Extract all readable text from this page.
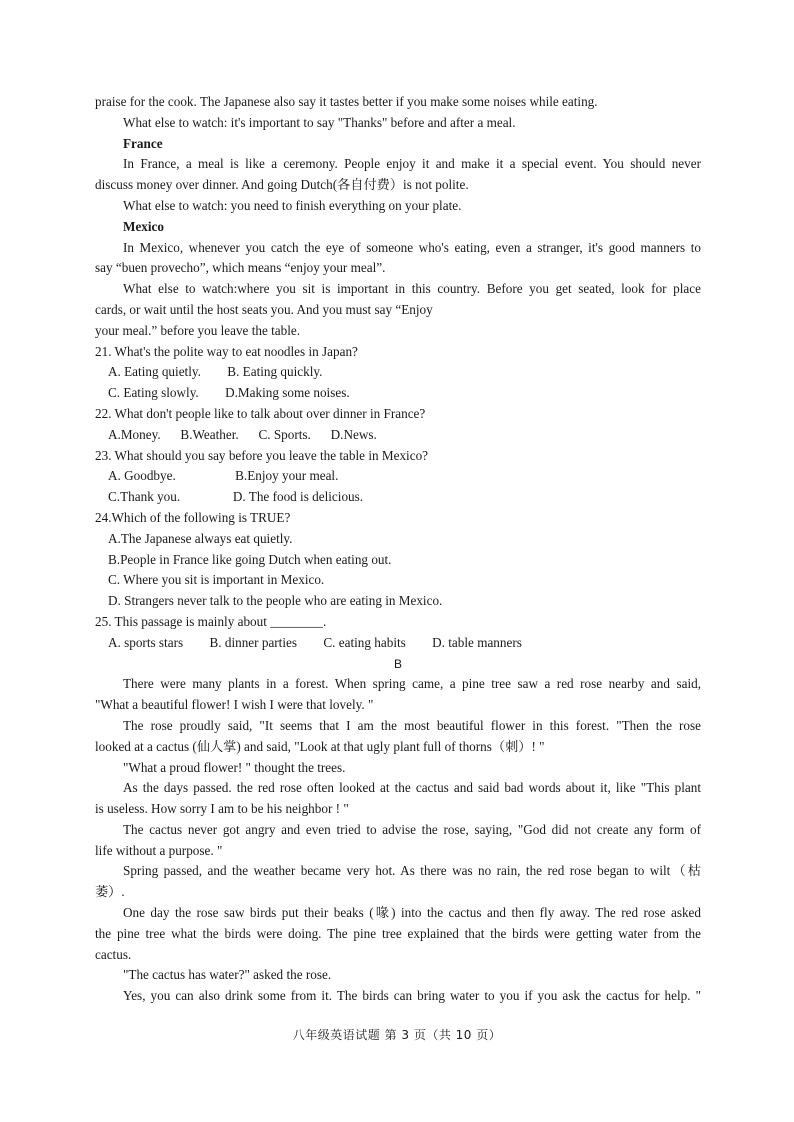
praise for the cook. The Japanese also say it tastes better if you make some noises while eating.
What else to watch: it's important to say "Thanks" before and after a meal.
France
In France, a meal is like a ceremony. People enjoy it and make it a special event. You should never
discuss money over dinner. And going Dutch(各自付费）is not polite.
What else to watch: you need to finish everything on your plate.
Mexico
In Mexico, whenever you catch the eye of someone who's eating, even a stranger, it's good manners to
say “buen provecho”, which means “enjoy your meal”.
What else to watch:where you sit is important in this country. Before you get seated, look for place
cards, or wait until the host seats you. And you must say “Enjoy
your meal.” before you leave the table.
21. What's the polite way to eat noodles in Japan?
A. Eating quietly.        B. Eating quickly.
C. Eating slowly.        D.Making some noises.
22. What don't people like to talk about over dinner in France?
A.Money.      B.Weather.      C. Sports.      D.News.
23. What should you say before you leave the table in Mexico?
A. Goodbye.                  B.Enjoy your meal.
C.Thank you.                D. The food is delicious.
24.Which of the following is TRUE?
A.The Japanese always eat quietly.
B.People in France like going Dutch when eating out.
C. Where you sit is important in Mexico.
D. Strangers never talk to the people who are eating in Mexico.
25. This passage is mainly about ________.
A. sports stars        B. dinner parties        C. eating habits        D. table manners
B
There were many plants in a forest. When spring came, a pine tree saw a red rose nearby and said,
"What a beautiful flower! I wish I were that lovely. "
The rose proudly said, "It seems that I am the most beautiful flower in this forest. "Then the rose
looked at a cactus (仙人掌) and said, "Look at that ugly plant full of thorns（刺）! "
"What a proud flower! " thought the trees.
As the days passed. the red rose often looked at the cactus and said bad words about it, like "This plant
is useless. How sorry I am to be his neighbor ! "
The cactus never got angry and even tried to advise the rose, saying, "God did not create any form of
life without a purpose. "
Spring passed, and the weather became very hot. As there was no rain, the red rose began to wilt（枯
萎）.
One day the rose saw birds put their beaks (喙) into the cactus and then fly away. The red rose asked
the pine tree what the birds were doing. The pine tree explained that the birds were getting water from the
cactus.
"The cactus has water?" asked the rose.
Yes, you can also drink some from it. The birds can bring water to you if you ask the cactus for help. "
八年级英语试题 第 3 页（共 10 页）
